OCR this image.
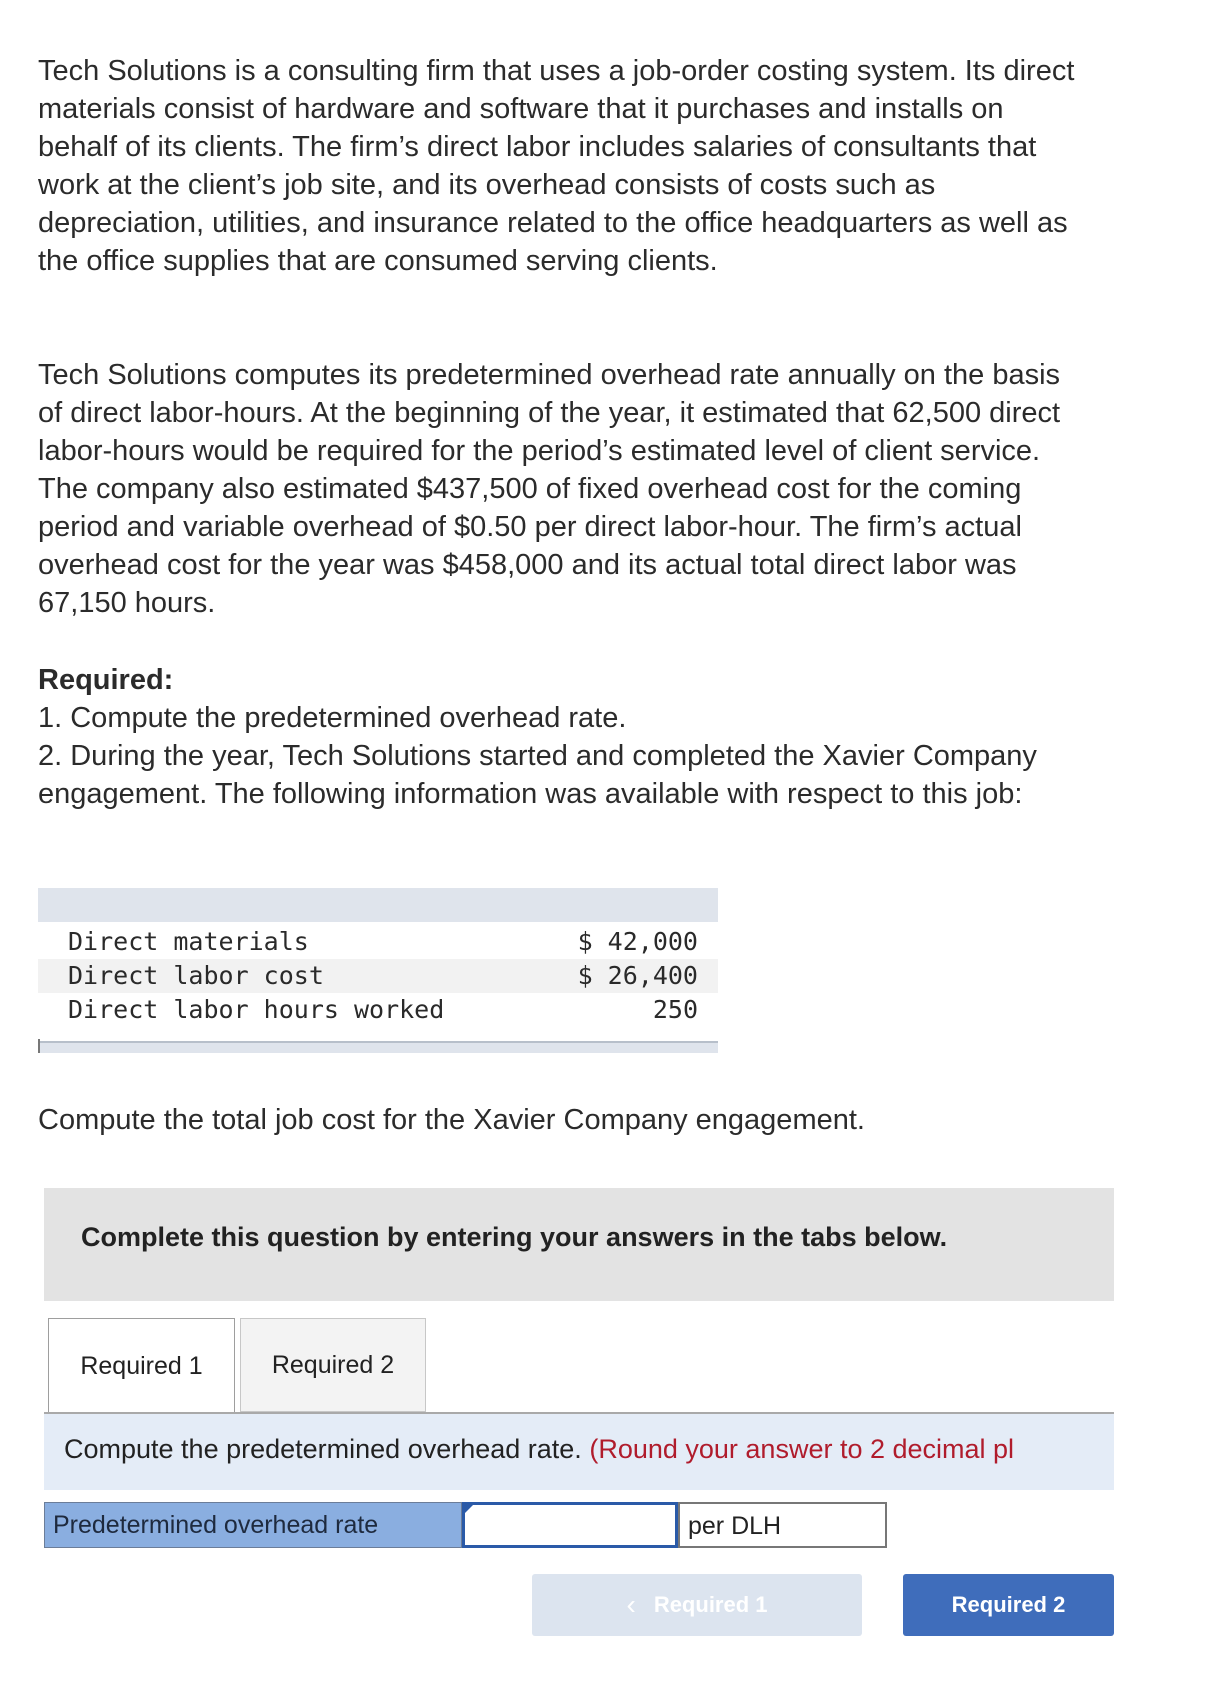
Tech Solutions is a consulting firm that uses a job-order costing system. Its direct materials consist of hardware and software that it purchases and installs on behalf of its clients. The firm’s direct labor includes salaries of consultants that work at the client’s job site, and its overhead consists of costs such as depreciation, utilities, and insurance related to the office headquarters as well as the office supplies that are consumed serving clients.

Tech Solutions computes its predetermined overhead rate annually on the basis of direct labor-hours. At the beginning of the year, it estimated that 62,500 direct labor-hours would be required for the period’s estimated level of client service. The company also estimated $437,500 of fixed overhead cost for the coming period and variable overhead of $0.50 per direct labor-hour. The firm’s actual overhead cost for the year was $458,000 and its actual total direct labor was 67,150 hours.

Required:
1. Compute the predetermined overhead rate.
2. During the year, Tech Solutions started and completed the Xavier Company engagement. The following information was available with respect to this job:
Direct materials	$ 42,000
Direct labor cost	$ 26,400
Direct labor hours worked	250
Compute the total job cost for the Xavier Company engagement.
Complete this question by entering your answers in the tabs below.
Required 1	Required 2
Compute the predetermined overhead rate. (Round your answer to 2 decimal pl
Predetermined overhead rate	per DLH
‹ Required 1	Required 2
